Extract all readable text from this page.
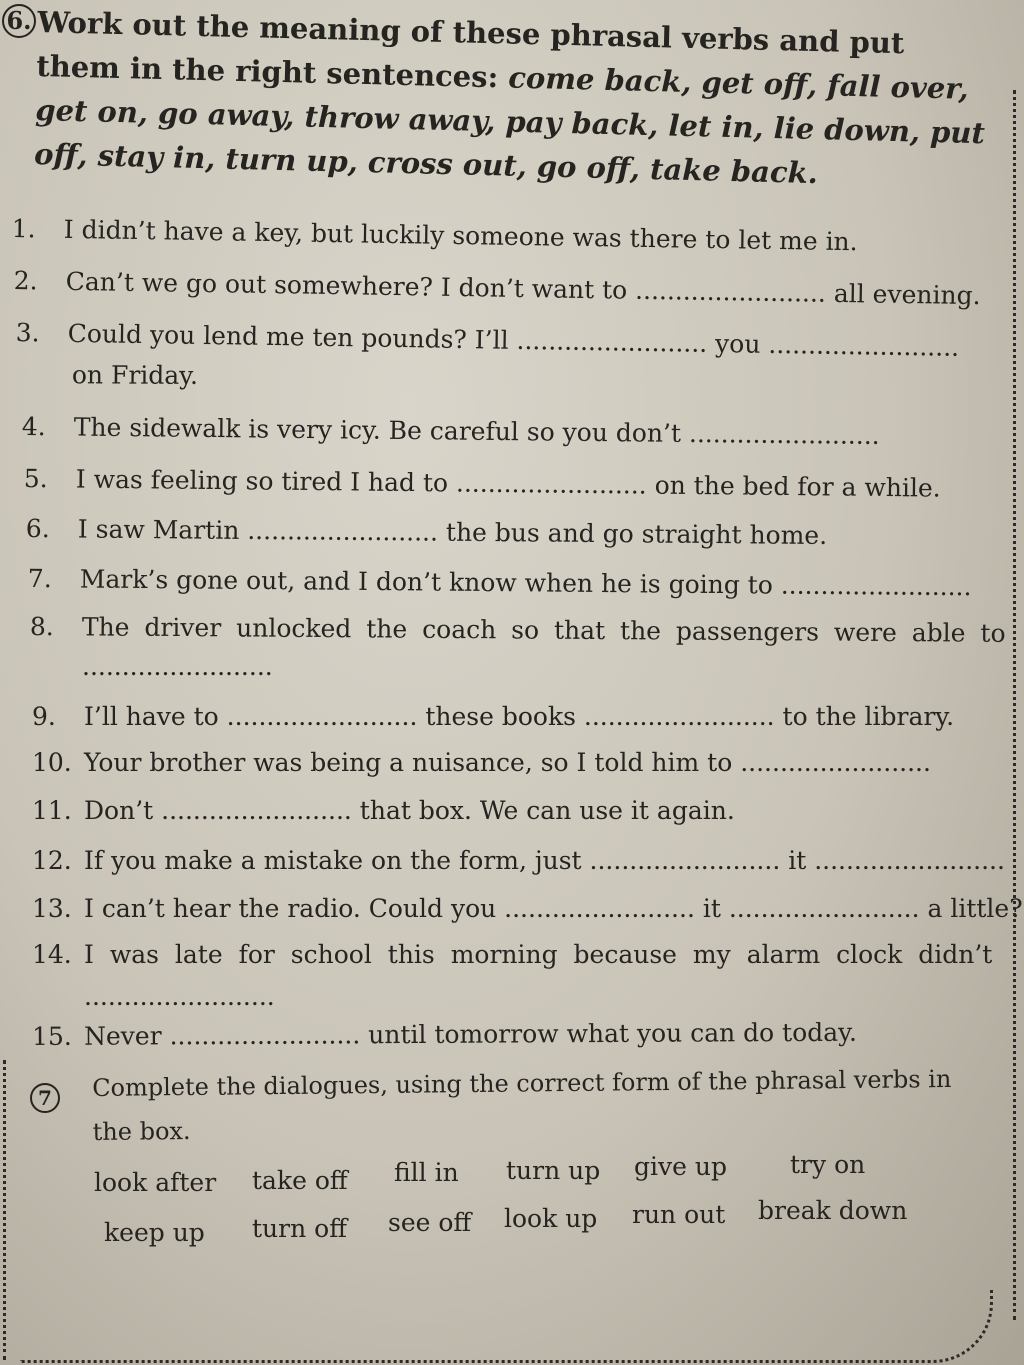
6. Work out the meaning of these phrasal verbs and put them in the right sentences: come back, get off, fall over, get on, go away, throw away, pay back, let in, lie down, put off, stay in, turn up, cross out, go off, take back.
1. I didn’t have a key, but luckily someone was there to let me in.
2. Can’t we go out somewhere? I don’t want to ........................ all evening.
3. Could you lend me ten pounds? I’ll ........................ you ........................
on Friday.
4. The sidewalk is very icy. Be careful so you don’t ........................
5. I was feeling so tired I had to ........................ on the bed for a while.
6. I saw Martin ........................ the bus and go straight home.
7. Mark’s gone out, and I don’t know when he is going to ........................
8. The driver unlocked the coach so that the passengers were able to
........................
9. I’ll have to ........................ these books ........................ to the library.
10. Your brother was being a nuisance, so I told him to ........................
11. Don’t ........................ that box. We can use it again.
12. If you make a mistake on the form, just ........................ it ........................
13. I can’t hear the radio. Could you ........................ it ........................ a little?
14. I was late for school this morning because my alarm clock didn’t
........................
15. Never ........................ until tomorrow what you can do today.
7	Complete the dialogues, using the correct form of the phrasal verbs in the box.
look after take off fill in turn up give up	try on
keep up turn off see off look up run out break down
